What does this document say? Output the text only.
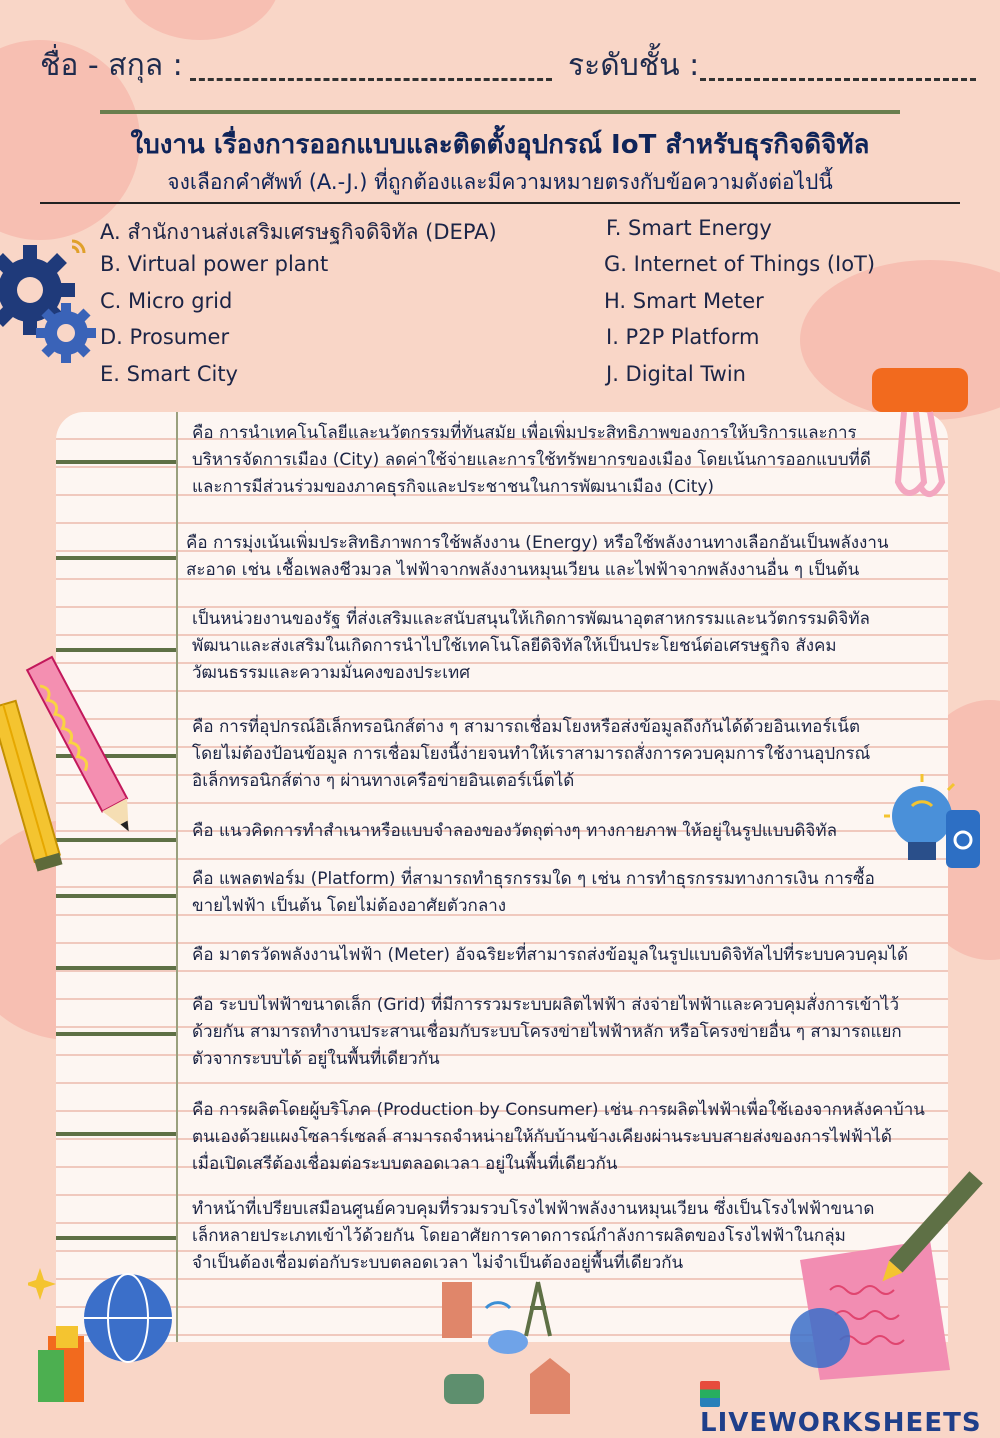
ชื่อ - สกุล :	ระดับชั้น :
ใบงาน เรื่องการออกแบบและติดตั้งอุปกรณ์ IoT สำหรับธุรกิจดิจิทัล
จงเลือกคำศัพท์ (A.-J.) ที่ถูกต้องและมีความหมายตรงกับข้อความดังต่อไปนี้
A. สำนักงานส่งเสริมเศรษฐกิจดิจิทัล (DEPA)
B. Virtual power plant
C. Micro grid
D. Prosumer
E. Smart City
F. Smart Energy
G. Internet of Things (IoT)
H. Smart Meter
I. P2P Platform
J. Digital Twin
คือ การนำเทคโนโลยีและนวัตกรรมที่ทันสมัย เพื่อเพิ่มประสิทธิภาพของการให้บริการและการ
บริหารจัดการเมือง (City) ลดค่าใช้จ่ายและการใช้ทรัพยากรของเมือง โดยเน้นการออกแบบที่ดี
และการมีส่วนร่วมของภาคธุรกิจและประชาชนในการพัฒนาเมือง (City)
คือ การมุ่งเน้นเพิ่มประสิทธิภาพการใช้พลังงาน (Energy) หรือใช้พลังงานทางเลือกอันเป็นพลังงาน
สะอาด เช่น เชื้อเพลงชีวมวล ไฟฟ้าจากพลังงานหมุนเวียน และไฟฟ้าจากพลังงานอื่น ๆ เป็นต้น
เป็นหน่วยงานของรัฐ ที่ส่งเสริมและสนับสนุนให้เกิดการพัฒนาอุตสาหกรรมและนวัตกรรมดิจิทัล
พัฒนาและส่งเสริมในเกิดการนำไปใช้เทคโนโลยีดิจิทัลให้เป็นประโยชน์ต่อเศรษฐกิจ สังคม
วัฒนธรรมและความมั่นคงของประเทศ
คือ การที่อุปกรณ์อิเล็กทรอนิกส์ต่าง ๆ สามารถเชื่อมโยงหรือส่งข้อมูลถึงกันได้ด้วยอินเทอร์เน็ต
โดยไม่ต้องป้อนข้อมูล การเชื่อมโยงนี้ง่ายจนทำให้เราสามารถสั่งการควบคุมการใช้งานอุปกรณ์
อิเล็กทรอนิกส์ต่าง ๆ ผ่านทางเครือข่ายอินเตอร์เน็ตได้
คือ แนวคิดการทำสำเนาหรือแบบจำลองของวัตถุต่างๆ ทางกายภาพ ให้อยู่ในรูปแบบดิจิทัล
คือ แพลตฟอร์ม (Platform) ที่สามารถทำธุรกรรมใด ๆ เช่น การทำธุรกรรมทางการเงิน การซื้อ
ขายไฟฟ้า เป็นต้น โดยไม่ต้องอาศัยตัวกลาง
คือ มาตรวัดพลังงานไฟฟ้า (Meter) อัจฉริยะที่สามารถส่งข้อมูลในรูปแบบดิจิทัลไปที่ระบบควบคุมได้
คือ ระบบไฟฟ้าขนาดเล็ก (Grid) ที่มีการรวมระบบผลิตไฟฟ้า ส่งจ่ายไฟฟ้าและควบคุมสั่งการเข้าไว้
ด้วยกัน สามารถทำงานประสานเชื่อมกับระบบโครงข่ายไฟฟ้าหลัก หรือโครงข่ายอื่น ๆ สามารถแยก
ตัวจากระบบได้ อยู่ในพื้นที่เดียวกัน
คือ การผลิตโดยผู้บริโภค (Production by Consumer) เช่น การผลิตไฟฟ้าเพื่อใช้เองจากหลังคาบ้าน
ตนเองด้วยแผงโซลาร์เซลล์ สามารถจำหน่ายให้กับบ้านข้างเคียงผ่านระบบสายส่งของการไฟฟ้าได้
เมื่อเปิดเสรีต้องเชื่อมต่อระบบตลอดเวลา อยู่ในพื้นที่เดียวกัน
ทำหน้าที่เปรียบเสมือนศูนย์ควบคุมที่รวมรวบโรงไฟฟ้าพลังงานหมุนเวียน ซึ่งเป็นโรงไฟฟ้าขนาด
เล็กหลายประเภทเข้าไว้ด้วยกัน โดยอาศัยการคาดการณ์กำลังการผลิตของโรงไฟฟ้าในกลุ่ม
จำเป็นต้องเชื่อมต่อกับระบบตลอดเวลา ไม่จำเป็นต้องอยู่พื้นที่เดียวกัน
LIVEWORKSHEETS
